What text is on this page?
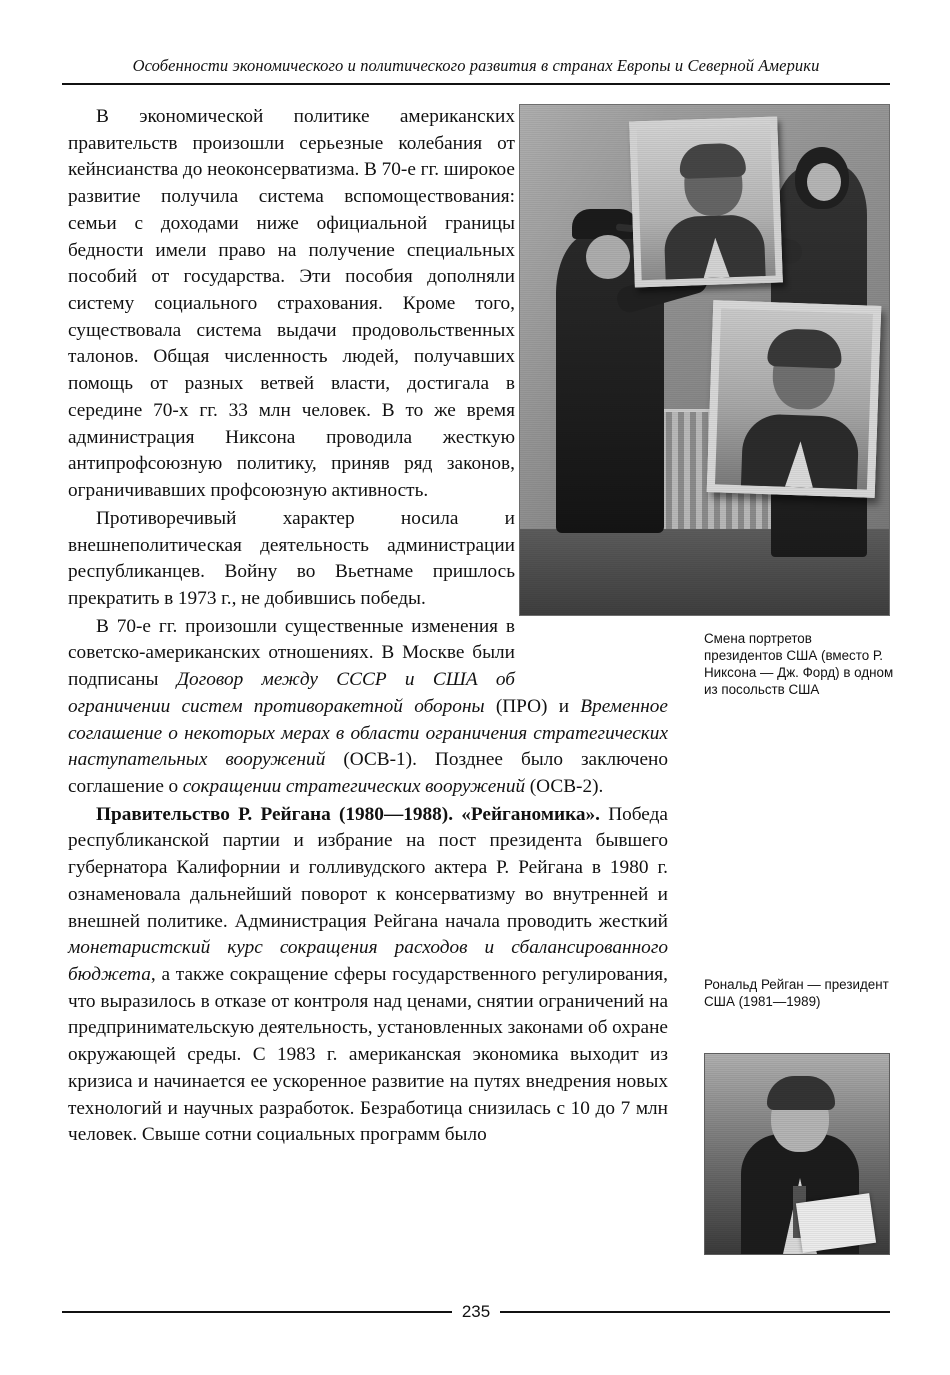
Особенности экономического и политического развития в странах Европы и Северной Америки

В экономической политике американских правительств произошли серьезные колебания от кейнсианства до неоконсерватизма. В 70-е гг. широкое развитие получила система вспомоществования: семьи с доходами ниже официальной границы бедности имели право на получение специальных пособий от государства. Эти пособия дополняли систему социального страхования. Кроме того, существовала система выдачи продовольственных талонов. Общая численность людей, получавших помощь от разных ветвей власти, достигала в середине 70-х гг. 33 млн человек. В то же время администрация Никсона проводила жесткую антипрофсоюзную политику, приняв ряд законов, ограничивавших профсоюзную активность.

Противоречивый характер носила и внешнеполитическая деятельность администрации республиканцев. Войну во Вьетнаме пришлось прекратить в 1973 г., не добившись победы.

В 70-е гг. произошли существенные изменения в советско-американских отношениях. В Москве были подписаны Договор между СССР и США об ограничении систем противоракетной обороны (ПРО) и Временное соглашение о некоторых мерах в области ограничения стратегических наступательных вооружений (ОСВ-1). Позднее было заключено соглашение о сокращении стратегических вооружений (ОСВ-2).

Правительство Р. Рейгана (1980—1988). «Рейганомика». Победа республиканской партии и избрание на пост президента бывшего губернатора Калифорнии и голливудского актера Р. Рейгана в 1980 г. ознаменовала дальнейший поворот к консерватизму во внутренней и внешней политике. Администрация Рейгана начала проводить жесткий монетаристский курс сокращения расходов и сбалансированного бюджета, а также сокращение сферы государственного регулирования, что выразилось в отказе от контроля над ценами, снятии ограничений на предпринимательскую деятельность, установленных законами об охране окружающей среды. С 1983 г. американская экономика выходит из кризиса и начинается ее ускоренное развитие на путях внедрения новых технологий и научных разработок. Безработица снизилась с 10 до 7 млн человек. Свыше сотни социальных программ было

Смена портретов президентов США (вместо Р. Никсона — Дж. Форд) в одном из посольств США
Рональд Рейган — президент США (1981—1989)
235
